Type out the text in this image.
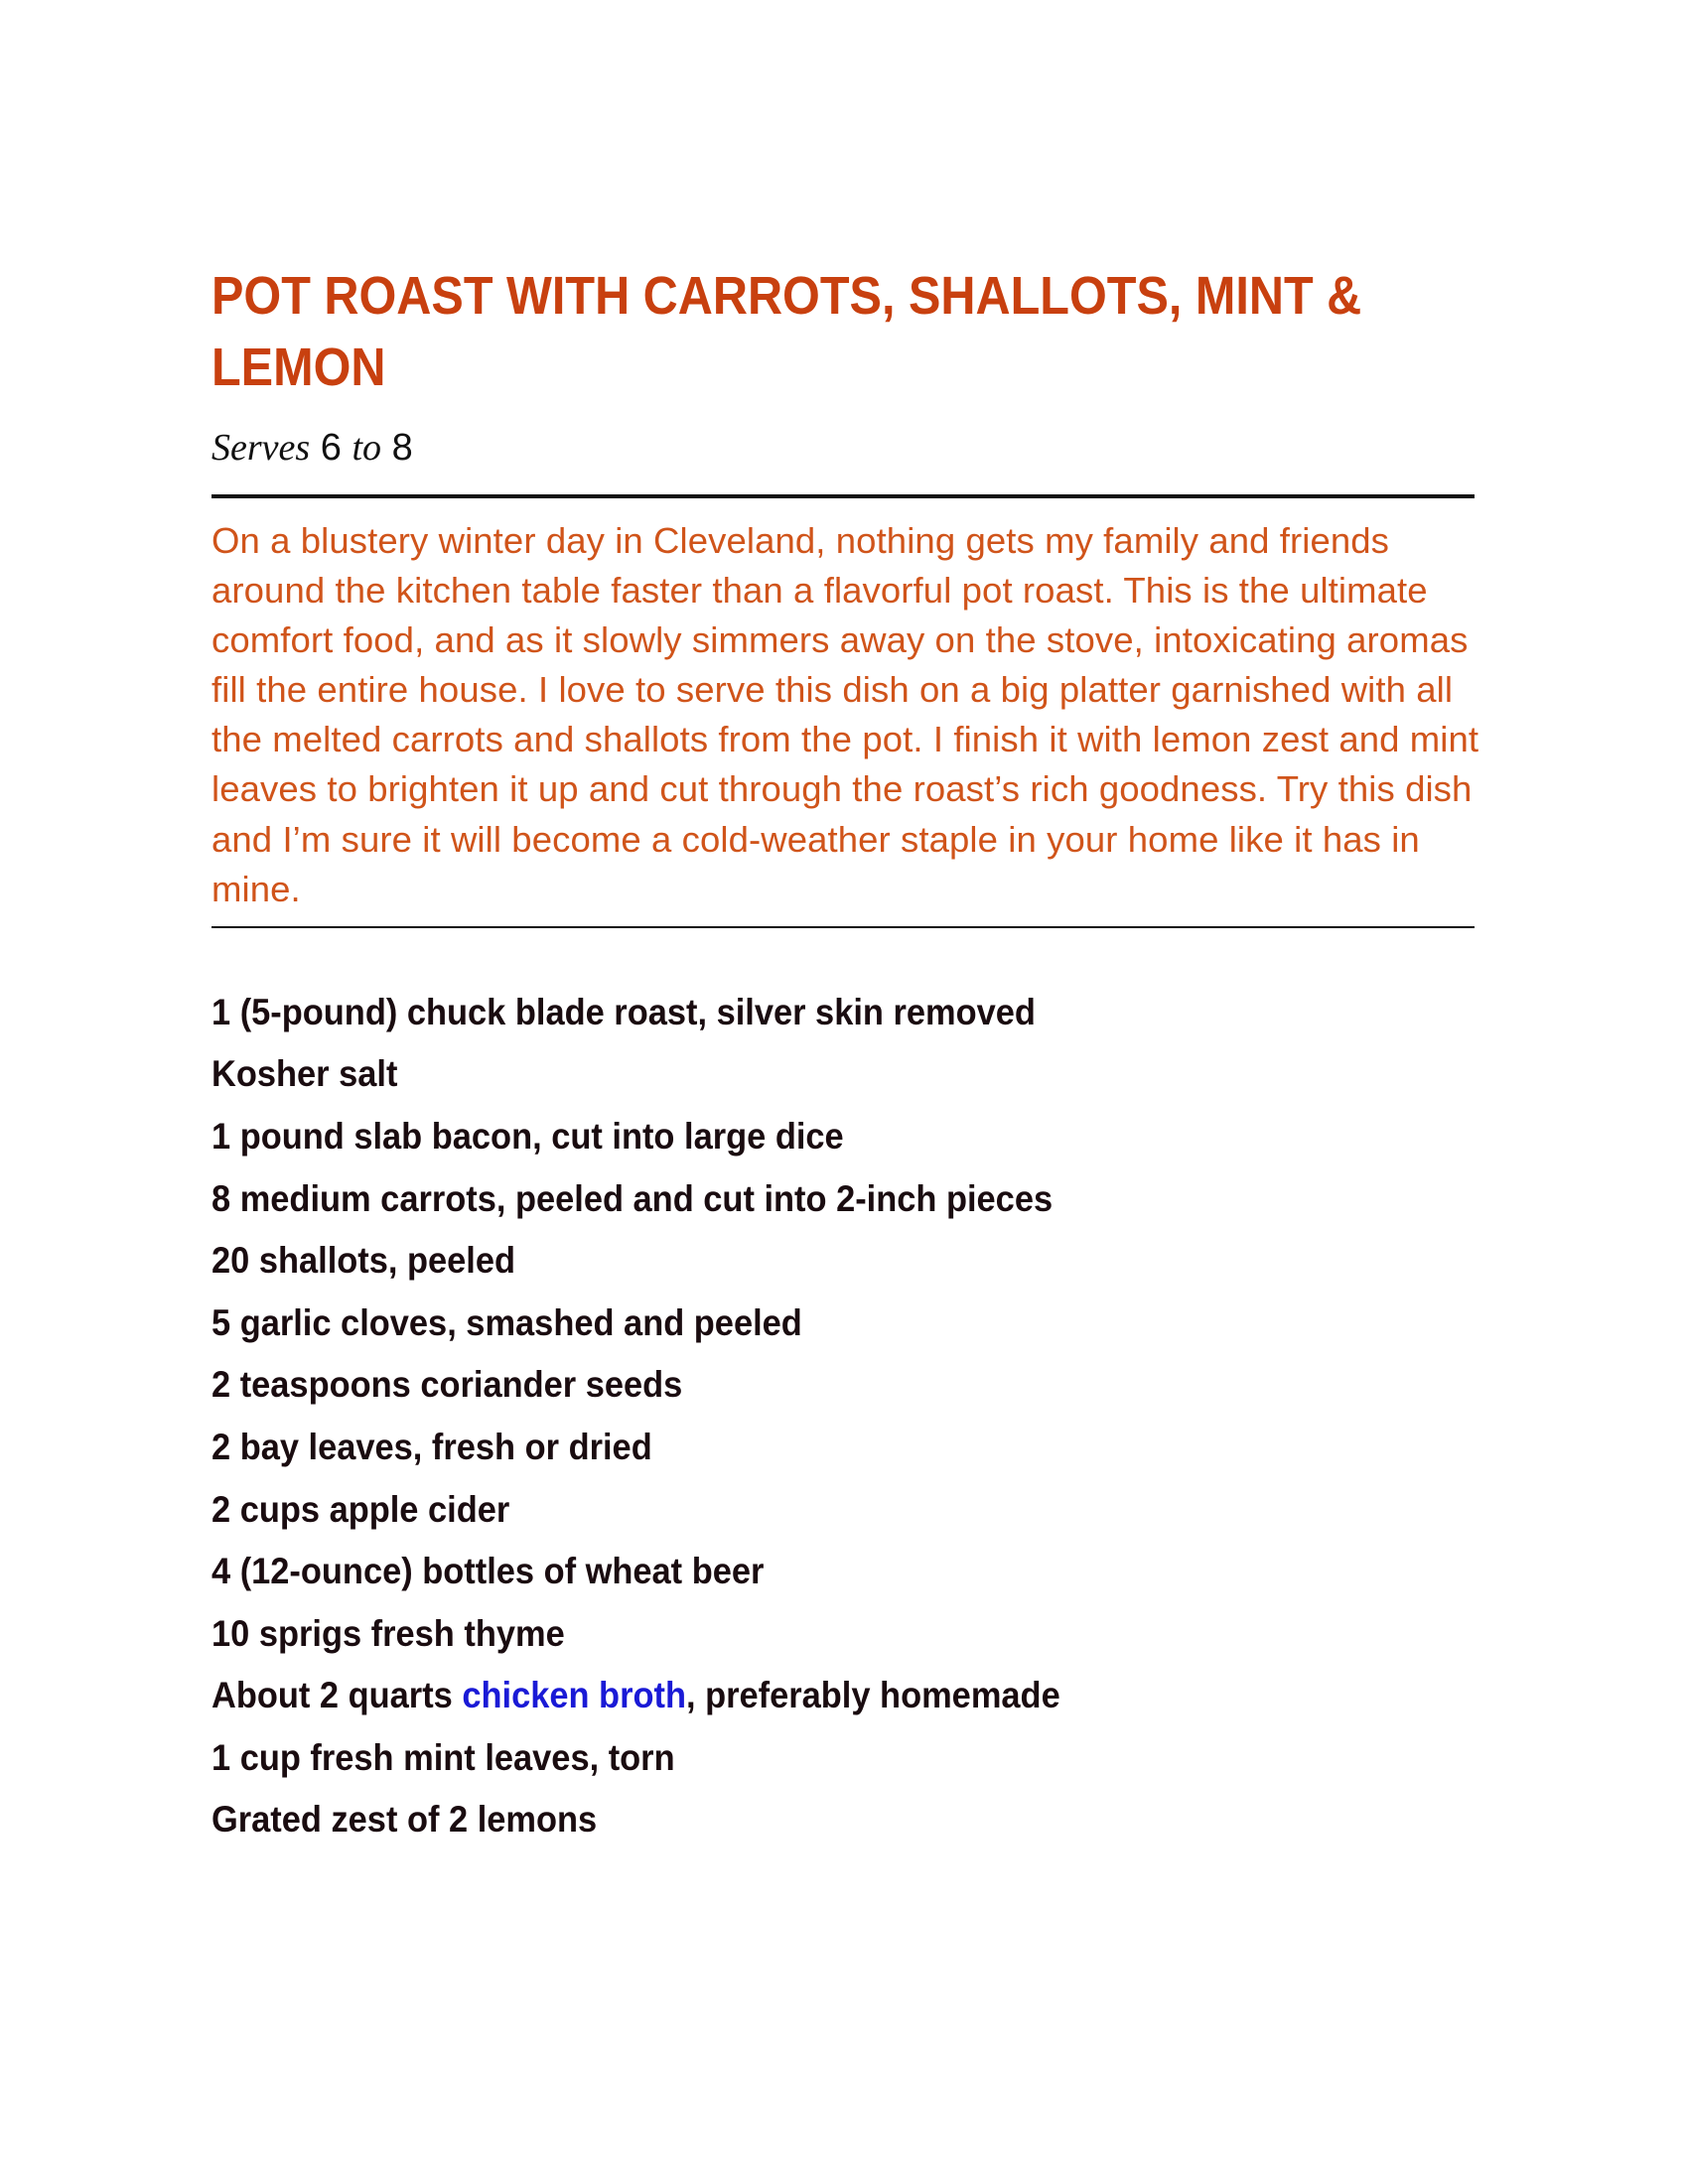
POT ROAST WITH CARROTS, SHALLOTS, MINT & LEMON
Serves 6 to 8

On a blustery winter day in Cleveland, nothing gets my family and friends around the kitchen table faster than a flavorful pot roast. This is the ultimate comfort food, and as it slowly simmers away on the stove, intoxicating aromas fill the entire house. I love to serve this dish on a big platter garnished with all the melted carrots and shallots from the pot. I finish it with lemon zest and mint leaves to brighten it up and cut through the roast’s rich goodness. Try this dish and I’m sure it will become a cold-weather staple in your home like it has in mine.

1 (5-pound) chuck blade roast, silver skin removed
Kosher salt
1 pound slab bacon, cut into large dice
8 medium carrots, peeled and cut into 2-inch pieces
20 shallots, peeled
5 garlic cloves, smashed and peeled
2 teaspoons coriander seeds
2 bay leaves, fresh or dried
2 cups apple cider
4 (12-ounce) bottles of wheat beer
10 sprigs fresh thyme
About 2 quarts chicken broth, preferably homemade
1 cup fresh mint leaves, torn
Grated zest of 2 lemons
